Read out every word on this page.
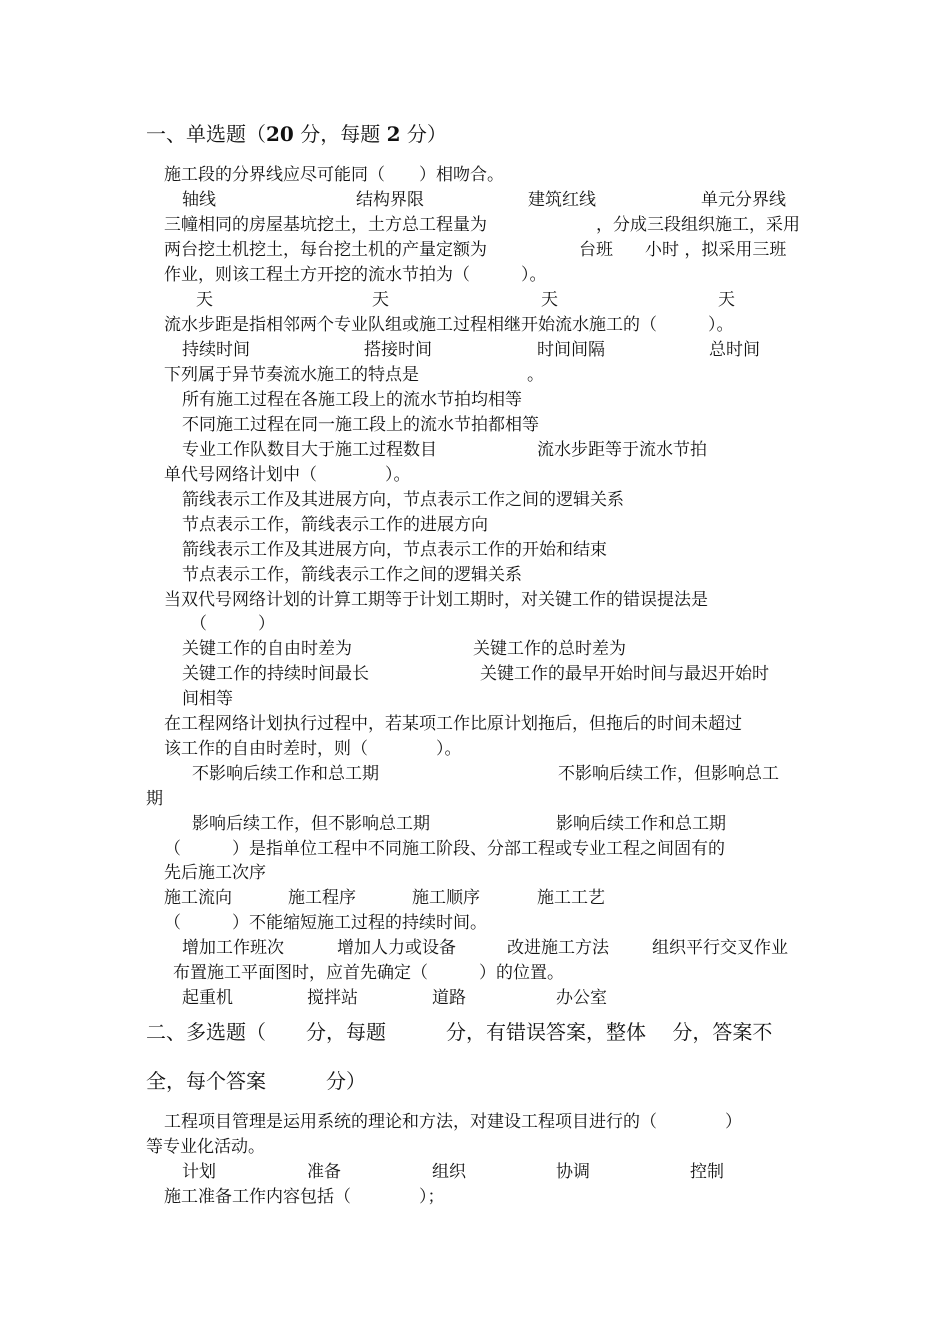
一、单选题（20 分，每题 2 分）
施工段的分界线应尽可能同（　　）相吻合。
轴线	结构界限	建筑红线	单元分界线
三幢相同的房屋基坑挖土，土方总工程量为	，分成三段组织施工，采用
两台挖土机挖土，每台挖土机的产量定额为	台班 小时 ，拟采用三班
作业，则该工程土方开挖的流水节拍为（　　　）。
天	天	天	天
流水步距是指相邻两个专业队组或施工过程相继开始流水施工的（　　　）。
持续时间	搭接时间	时间间隔	总时间
下列属于异节奏流水施工的特点是	。
所有施工过程在各施工段上的流水节拍均相等
不同施工过程在同一施工段上的流水节拍都相等
专业工作队数目大于施工过程数目	流水步距等于流水节拍
单代号网络计划中（　　　　）。
箭线表示工作及其进展方向，节点表示工作之间的逻辑关系
节点表示工作，箭线表示工作的进展方向
箭线表示工作及其进展方向，节点表示工作的开始和结束
节点表示工作，箭线表示工作之间的逻辑关系
当双代号网络计划的计算工期等于计划工期时，对关键工作的错误提法是
（　　　）
关键工作的自由时差为	关键工作的总时差为
关键工作的持续时间最长	关键工作的最早开始时间与最迟开始时
间相等
在工程网络计划执行过程中，若某项工作比原计划拖后，但拖后的时间未超过
该工作的自由时差时，则（　　　　）。
不影响后续工作和总工期	不影响后续工作，但影响总工
期
影响后续工作，但不影响总工期	影响后续工作和总工期
（　　　）是指单位工程中不同施工阶段、分部工程或专业工程之间固有的
先后施工次序
施工流向	施工程序	施工顺序	施工工艺
（　　　）不能缩短施工过程的持续时间。
增加工作班次	增加人力或设备	改进施工方法	组织平行交叉作业
布置施工平面图时，应首先确定（　　　）的位置。
起重机	搅拌站	道路	办公室
二、多选题（　　分，每题　　　分，有错误答案，整体　 分，答案不
全，每个答案　　　分）
工程项目管理是运用系统的理论和方法，对建设工程项目进行的（　　　　）
等专业化活动。
计划	准备	组织	协调	控制
施工准备工作内容包括（　　　　）；
